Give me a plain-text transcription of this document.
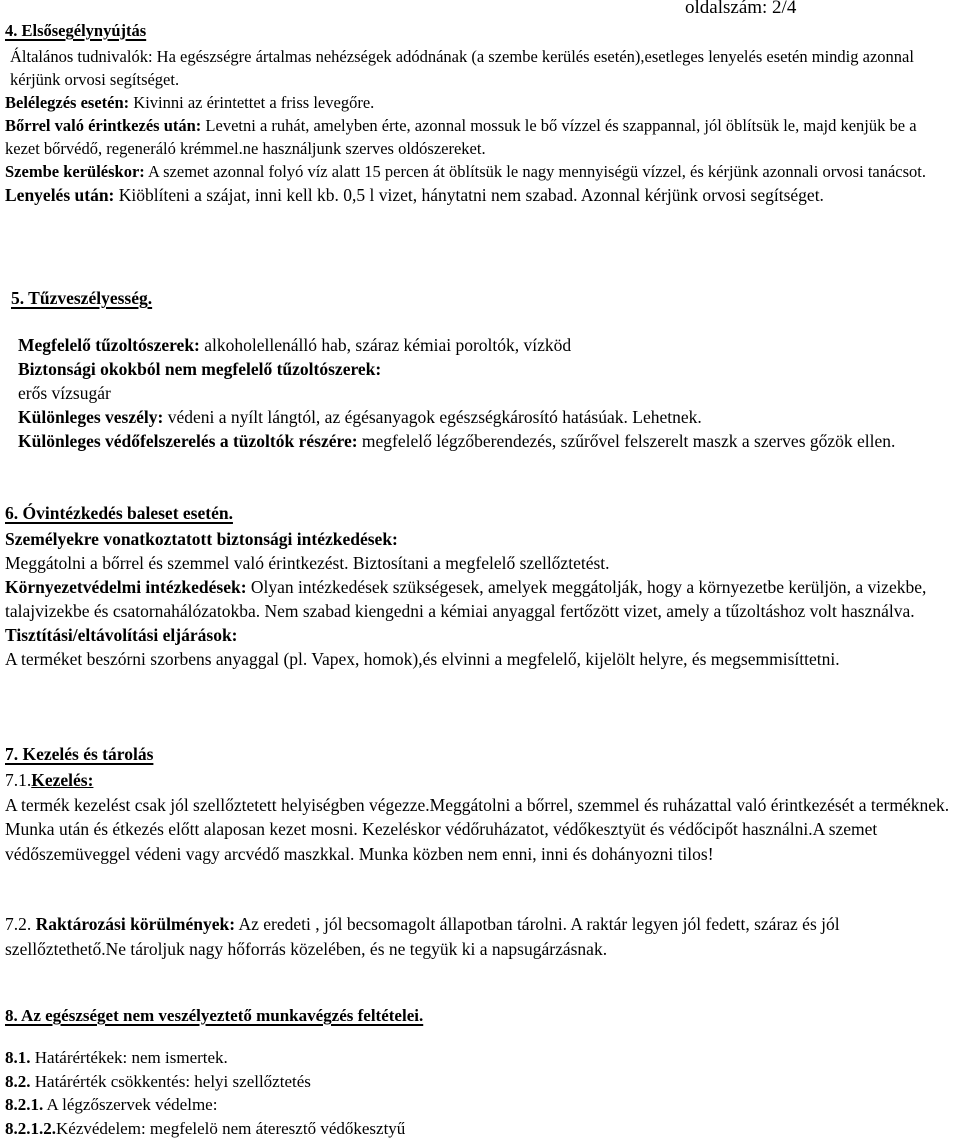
oldalszám: 2/4

4. Elsősegélynyújtás

Általános tudnivalók: Ha egészségre ártalmas nehézségek adódnának (a szembe kerülés esetén),esetleges lenyelés esetén mindig azonnal kérjünk orvosi segítséget.

Belélegzés esetén: Kivinni az érintettet a friss levegőre.

Bőrrel való érintkezés után: Levetni a ruhát, amelyben érte, azonnal mossuk le bő vízzel és szappannal, jól öblítsük le, majd kenjük be a kezet bőrvédő, regeneráló krémmel.ne használjunk szerves oldószereket.

Szembe kerüléskor: A szemet azonnal folyó víz alatt 15 percen át öblítsük le nagy mennyiségü vízzel, és kérjünk azonnali orvosi tanácsot.

Lenyelés után: Kiöblíteni a szájat, inni kell kb. 0,5 l vizet, hánytatni nem szabad. Azonnal kérjünk orvosi segítséget.

5. Tűzveszélyesség.

Megfelelő tűzoltószerek: alkoholellenálló hab, száraz kémiai poroltók, vízköd

Biztonsági okokból nem megfelelő tűzoltószerek:

erős vízsugár

Különleges veszély: védeni a nyílt lángtól, az égésanyagok egészségkárosító hatásúak. Lehetnek.

Különleges védőfelszerelés a tüzoltók részére: megfelelő légzőberendezés, szűrővel felszerelt maszk a szerves gőzök ellen.

6. Óvintézkedés baleset esetén.

Személyekre vonatkoztatott biztonsági intézkedések:

Meggátolni a bőrrel és szemmel való érintkezést. Biztosítani a megfelelő szellőztetést.

Környezetvédelmi intézkedések: Olyan intézkedések szükségesek, amelyek meggátolják, hogy a környezetbe kerüljön, a vizekbe, talajvizekbe és csatornahálózatokba. Nem szabad kiengedni a kémiai anyaggal fertőzött vizet, amely a tűzoltáshoz volt használva.

Tisztítási/eltávolítási eljárások:

A terméket beszórni szorbens anyaggal (pl. Vapex, homok),és elvinni a megfelelő, kijelölt helyre, és megsemmisíttetni.

7. Kezelés és tárolás

7.1.Kezelés:

A termék kezelést csak jól szellőztetett helyiségben végezze.Meggátolni a bőrrel, szemmel és ruházattal való érintkezését a terméknek. Munka után és étkezés előtt alaposan kezet mosni. Kezeléskor védőruházatot, védőkesztyüt és védőcipőt használni.A szemet védőszemüveggel védeni vagy arcvédő maszkkal. Munka közben nem enni, inni és dohányozni tilos!

7.2. Raktározási körülmények: Az eredeti , jól becsomagolt állapotban tárolni. A raktár legyen jól fedett, száraz és jól szellőztethető.Ne tároljuk nagy hőforrás közelében, és ne tegyük ki a napsugárzásnak.

8. Az egészséget nem veszélyeztető munkavégzés feltételei.

8.1. Határértékek: nem ismertek.

8.2. Határérték csökkentés: helyi szellőztetés

8.2.1. A légzőszervek védelme:

8.2.1.2.Kézvédelem: megfelelö nem áteresztő védőkesztyű
